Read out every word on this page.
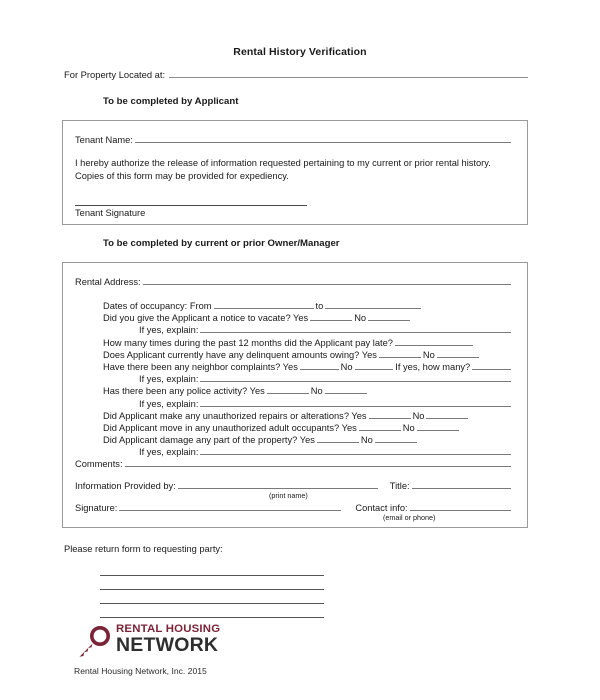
Rental History Verification
For Property Located at:
To be completed by Applicant
Tenant Name:
I hereby authorize the release of information requested pertaining to my current or prior rental history. Copies of this form may be provided for expediency.
Tenant Signature
To be completed by current or prior Owner/Manager
Rental Address:
Dates of occupancy: From	to
Did you give the Applicant a notice to vacate? Yes	No
If yes, explain:
How many times during the past 12 months did the Applicant pay late?
Does Applicant currently have any delinquent amounts owing? Yes	No
Have there been any neighbor complaints? Yes	No	If yes, how many?
If yes, explain:
Has there been any police activity? Yes	No
If yes, explain:
Did Applicant make any unauthorized repairs or alterations? Yes	No
Did Applicant move in any unauthorized adult occupants? Yes	No
Did Applicant damage any part of the property? Yes	No
If yes, explain:
Comments:
Information Provided by:	Title:
(print name)
Signature:	Contact info:
(email or phone)
Please return form to requesting party:
RENTAL HOUSING
NETWORK
Rental Housing Network, Inc. 2015
